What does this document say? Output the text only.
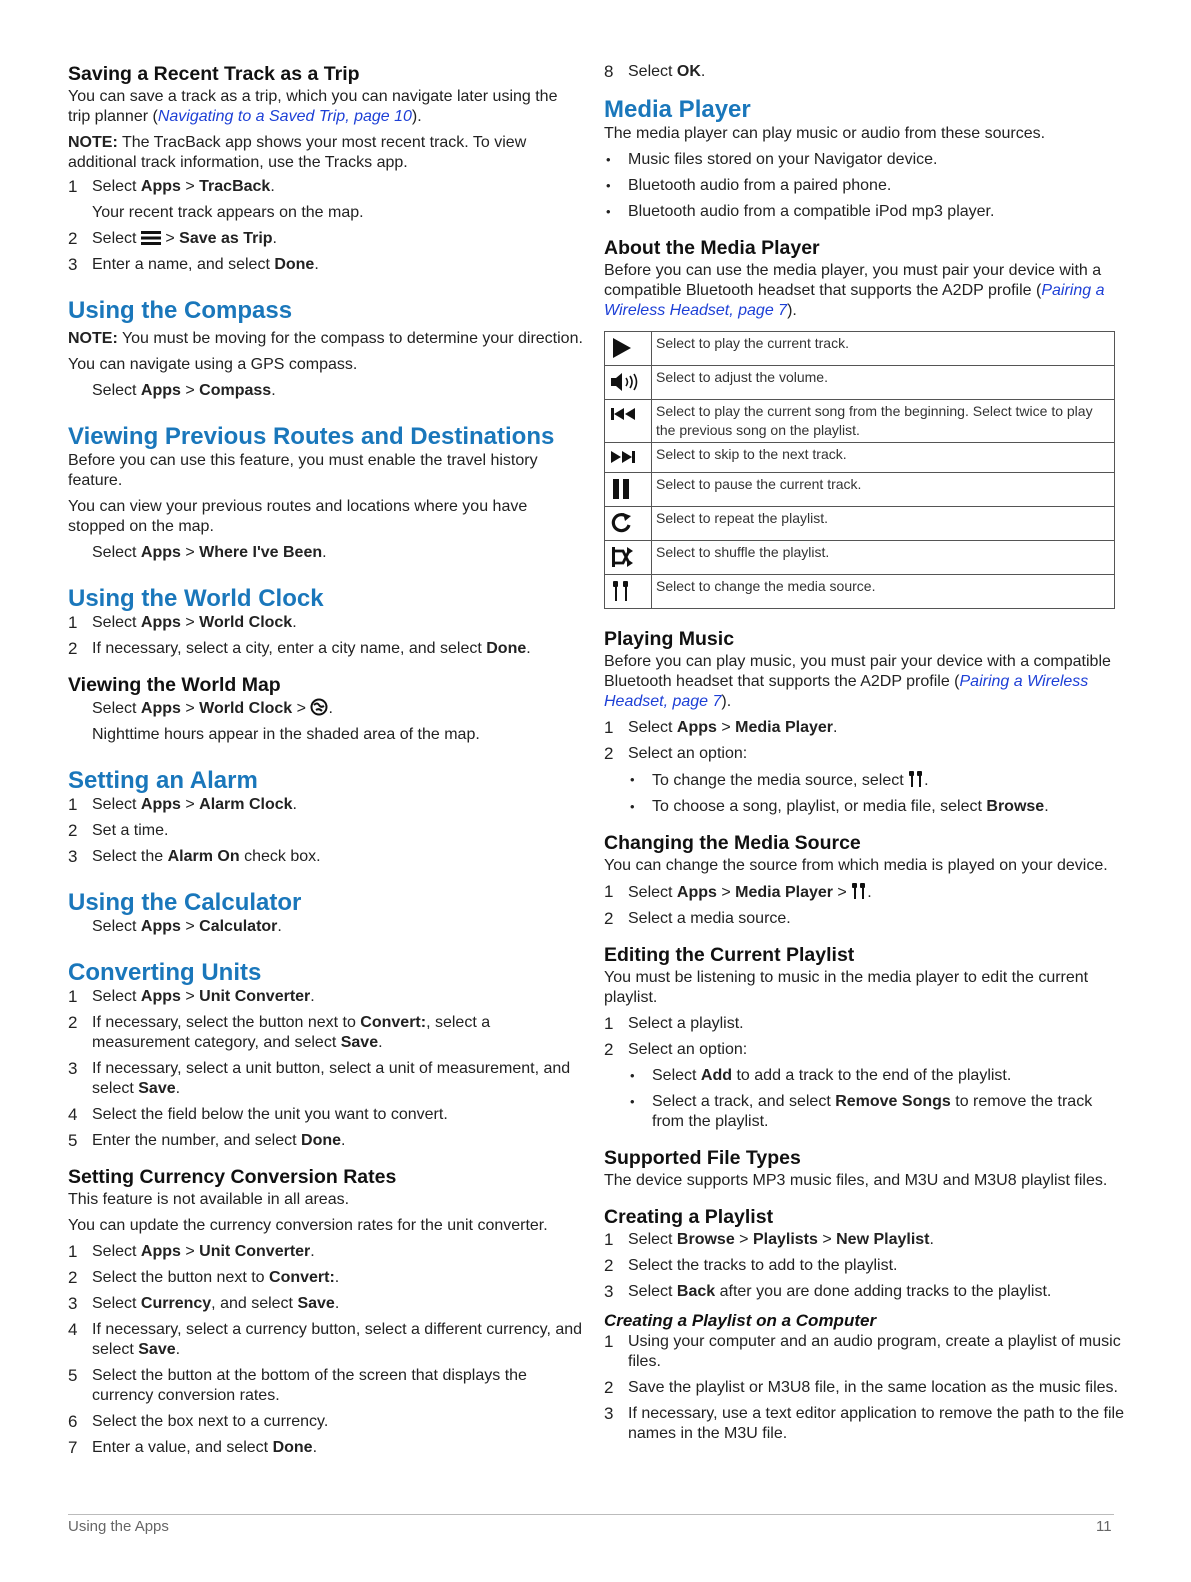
Saving a Recent Track as a Trip
You can save a track as a trip, which you can navigate later using the trip planner (Navigating to a Saved Trip, page 10).
NOTE: The TracBack app shows your most recent track. To view additional track information, use the Tracks app.
1 Select Apps > TracBack.
Your recent track appears on the map.
2 Select  > Save as Trip.
3 Enter a name, and select Done.
Using the Compass
NOTE: You must be moving for the compass to determine your direction.
You can navigate using a GPS compass.
Select Apps > Compass.
Viewing Previous Routes and Destinations
Before you can use this feature, you must enable the travel history feature.
You can view your previous routes and locations where you have stopped on the map.
Select Apps > Where I've Been.
Using the World Clock
1 Select Apps > World Clock.
2 If necessary, select a city, enter a city name, and select Done.
Viewing the World Map
Select Apps > World Clock > .
Nighttime hours appear in the shaded area of the map.
Setting an Alarm
1 Select Apps > Alarm Clock.
2 Set a time.
3 Select the Alarm On check box.
Using the Calculator
Select Apps > Calculator.
Converting Units
1 Select Apps > Unit Converter.
2 If necessary, select the button next to Convert:, select a measurement category, and select Save.
3 If necessary, select a unit button, select a unit of measurement, and select Save.
4 Select the field below the unit you want to convert.
5 Enter the number, and select Done.
Setting Currency Conversion Rates
This feature is not available in all areas.
You can update the currency conversion rates for the unit converter.
1 Select Apps > Unit Converter.
2 Select the button next to Convert:.
3 Select Currency, and select Save.
4 If necessary, select a currency button, select a different currency, and select Save.
5 Select the button at the bottom of the screen that displays the currency conversion rates.
6 Select the box next to a currency.
7 Enter a value, and select Done.
8 Select OK.
Media Player
The media player can play music or audio from these sources.
• Music files stored on your Navigator device.
• Bluetooth audio from a paired phone.
• Bluetooth audio from a compatible iPod mp3 player.
About the Media Player
Before you can use the media player, you must pair your device with a compatible Bluetooth headset that supports the A2DP profile (Pairing a Wireless Headset, page 7).
	Select to play the current track.
	Select to adjust the volume.
	Select to play the current song from the beginning. Select twice to play the previous song on the playlist.
	Select to skip to the next track.
	Select to pause the current track.
	Select to repeat the playlist.
	Select to shuffle the playlist.
	Select to change the media source.
Playing Music
Before you can play music, you must pair your device with a compatible Bluetooth headset that supports the A2DP profile (Pairing a Wireless Headset, page 7).
1 Select Apps > Media Player.
2 Select an option:
• To change the media source, select .
• To choose a song, playlist, or media file, select Browse.
Changing the Media Source
You can change the source from which media is played on your device.
1 Select Apps > Media Player > .
2 Select a media source.
Editing the Current Playlist
You must be listening to music in the media player to edit the current playlist.
1 Select a playlist.
2 Select an option:
• Select Add to add a track to the end of the playlist.
• Select a track, and select Remove Songs to remove the track from the playlist.
Supported File Types
The device supports MP3 music files, and M3U and M3U8 playlist files.
Creating a Playlist
1 Select Browse > Playlists > New Playlist.
2 Select the tracks to add to the playlist.
3 Select Back after you are done adding tracks to the playlist.
Creating a Playlist on a Computer
1 Using your computer and an audio program, create a playlist of music files.
2 Save the playlist or M3U8 file, in the same location as the music files.
3 If necessary, use a text editor application to remove the path to the file names in the M3U file.
Using the Apps	11
